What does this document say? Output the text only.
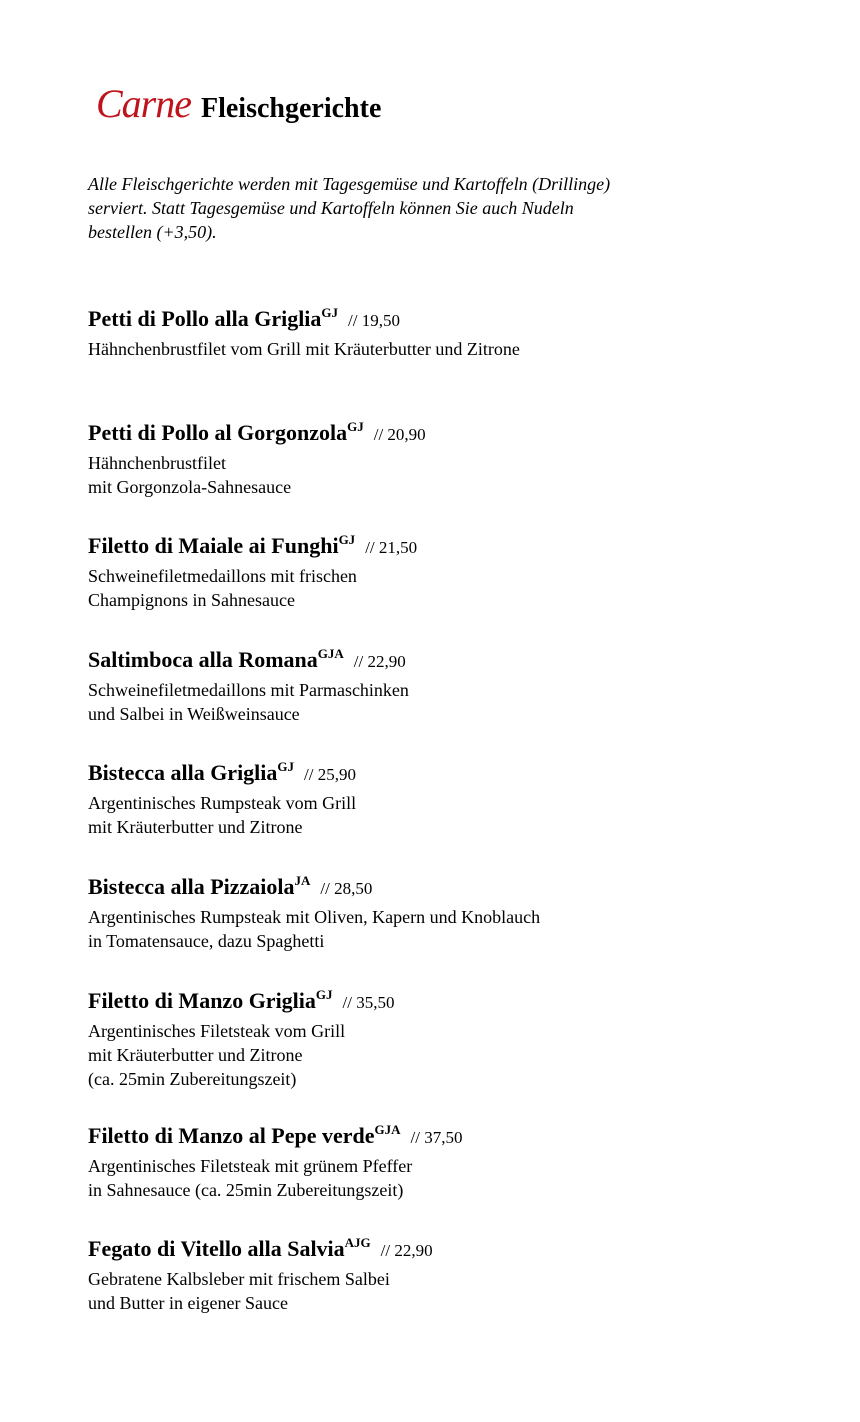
Carne Fleischgerichte
Alle Fleischgerichte werden mit Tagesgemüse und Kartoffeln (Drillinge)
serviert. Statt Tagesgemüse und Kartoffeln können Sie auch Nudeln
bestellen (+3,50).
Petti di Pollo alla Griglia$^{GJ}$ // 19,50
Hähnchenbrustfilet vom Grill mit Kräuterbutter und Zitrone
Petti di Pollo al Gorgonzola$^{GJ}$ // 20,90
Hähnchenbrustfilet
mit Gorgonzola-Sahnesauce
Filetto di Maiale ai Funghi$^{GJ}$ // 21,50
Schweinefiletmedaillons mit frischen
Champignons in Sahnesauce
Saltimboca alla Romana$^{GJA}$ // 22,90
Schweinefiletmedaillons mit Parmaschinken
und Salbei in Weißweinsauce
Bistecca alla Griglia$^{GJ}$ // 25,90
Argentinisches Rumpsteak vom Grill
mit Kräuterbutter und Zitrone
Bistecca alla Pizzaiola$^{JA}$ // 28,50
Argentinisches Rumpsteak mit Oliven, Kapern und Knoblauch
in Tomatensauce, dazu Spaghetti
Filetto di Manzo Griglia$^{GJ}$ // 35,50
Argentinisches Filetsteak vom Grill
mit Kräuterbutter und Zitrone
(ca. 25min Zubereitungszeit)
Filetto di Manzo al Pepe verde$^{GJA}$ // 37,50
Argentinisches Filetsteak mit grünem Pfeffer
in Sahnesauce (ca. 25min Zubereitungszeit)
Fegato di Vitello alla Salvia$^{AJG}$ // 22,90
Gebratene Kalbsleber mit frischem Salbei
und Butter in eigener Sauce
